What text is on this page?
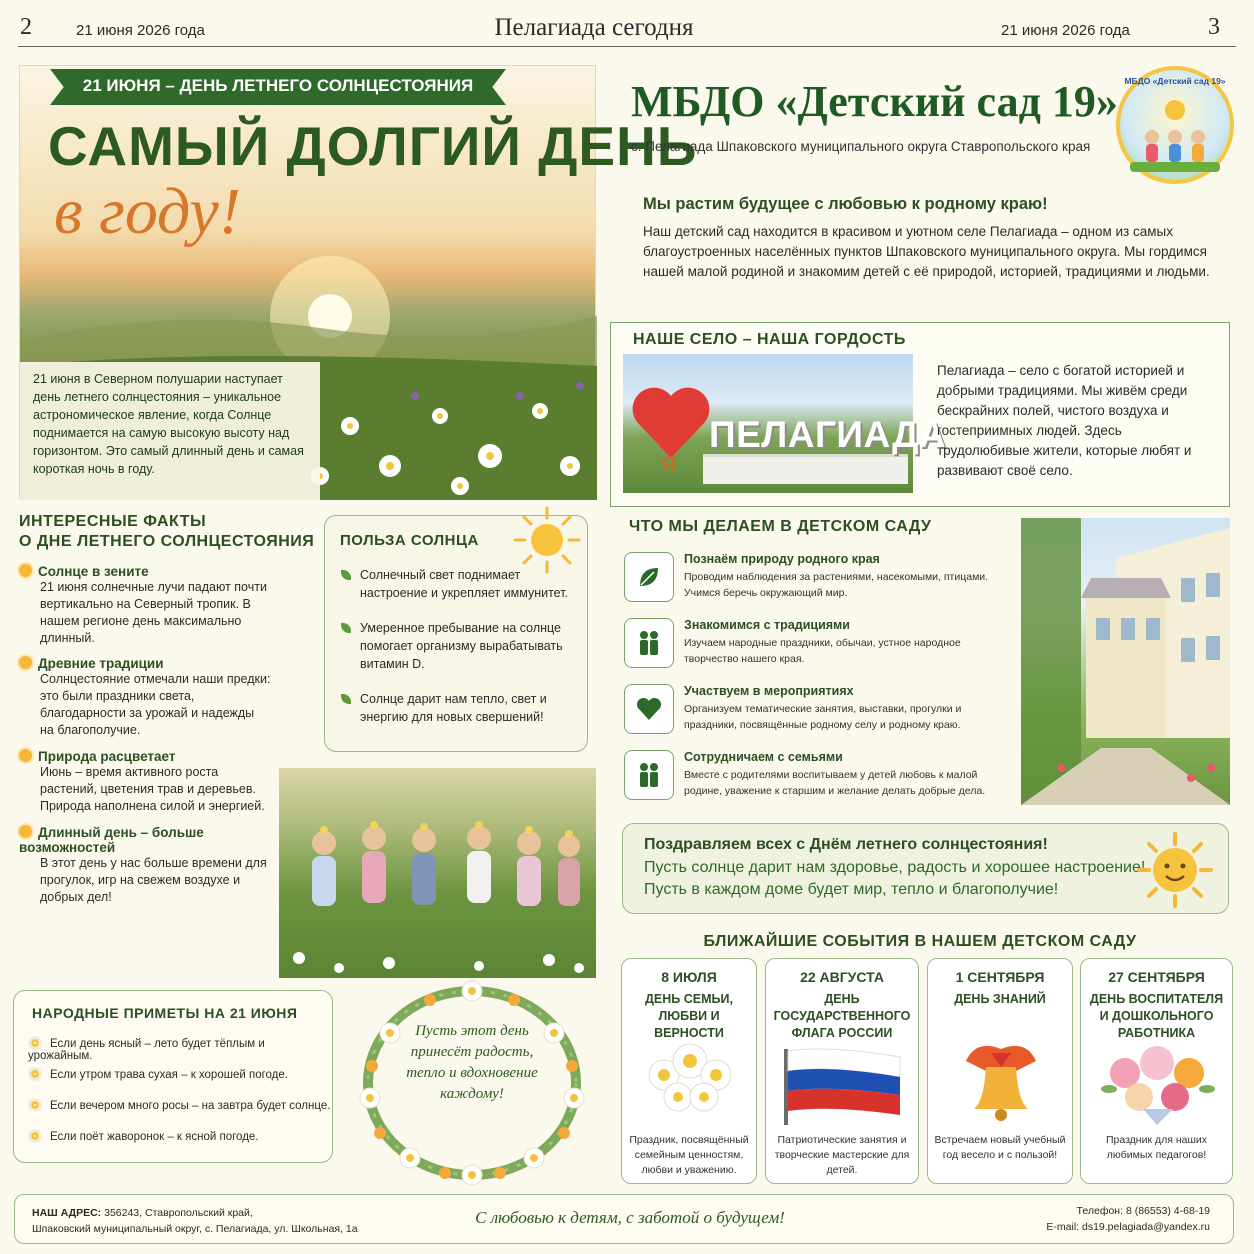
2	21 июня 2026 года	Пелагиада сегодня	21 июня 2026 года	3
21 ИЮНЯ – ДЕНЬ ЛЕТНЕГО СОЛНЦЕСТОЯНИЯ
САМЫЙ ДОЛГИЙ ДЕНЬ
в году!
21 июня в Северном полушарии наступает день летнего солнцестояния – уникальное астрономическое явление, когда Солнце поднимается на самую высокую высоту над горизонтом. Это самый длинный день и самая короткая ночь в году.
ИНТЕРЕСНЫЕ ФАКТЫ
О ДНЕ ЛЕТНЕГО СОЛНЦЕСТОЯНИЯ
Солнце в зените
21 июня солнечные лучи падают почти вертикально на Северный тропик. В нашем регионе день максимально длинный.
Древние традиции
Солнцестояние отмечали наши предки: это были праздники света, благодарности за урожай и надежды на благополучие.
Природа расцветает
Июнь – время активного роста растений, цветения трав и деревьев. Природа наполнена силой и энергией.
Длинный день – больше возможностей
В этот день у нас больше времени для прогулок, игр на свежем воздухе и добрых дел!
ПОЛЬЗА СОЛНЦА
Солнечный свет поднимает настроение и укрепляет иммунитет.
Умеренное пребывание на солнце помогает организму вырабатывать витамин D.
Солнце дарит нам тепло, свет и энергию для новых свершений!
НАРОДНЫЕ ПРИМЕТЫ НА 21 ИЮНЯ
Если день ясный – лето будет тёплым и урожайным.
Если утром трава сухая – к хорошей погоде.
Если вечером много росы – на завтра будет солнце.
Если поёт жаворонок – к ясной погоде.
Пусть этот день принесёт радость, тепло и вдохновение каждому!
МБДО «Детский сад 19»
с. Пелагиада Шпаковского муниципального округа Ставропольского края
МБДО «Детский сад 19»
Мы растим будущее с любовью к родному краю!
Наш детский сад находится в красивом и уютном селе Пелагиада – одном из самых благоустроенных населённых пунктов Шпаковского муниципального округа. Мы гордимся нашей малой родиной и знакомим детей с её природой, историей, традициями и людьми.
НАШЕ СЕЛО – НАША ГОРДОСТЬ
Я
ПЕЛАГИАДА
Пелагиада – село с богатой историей и добрыми традициями. Мы живём среди бескрайних полей, чистого воздуха и гостеприимных людей. Здесь трудолюбивые жители, которые любят и развивают своё село.
ЧТО МЫ ДЕЛАЕМ В ДЕТСКОМ САДУ
Познаём природу родного края
Проводим наблюдения за растениями, насекомыми, птицами. Учимся беречь окружающий мир.
Знакомимся с традициями
Изучаем народные праздники, обычаи, устное народное творчество нашего края.
Участвуем в мероприятиях
Организуем тематические занятия, выставки, прогулки и праздники, посвящённые родному селу и родному краю.
Сотрудничаем с семьями
Вместе с родителями воспитываем у детей любовь к малой родине, уважение к старшим и желание делать добрые дела.
Поздравляем всех с Днём летнего солнцестояния!
Пусть солнце дарит нам здоровье, радость и хорошее настроение!
Пусть в каждом доме будет мир, тепло и благополучие!
БЛИЖАЙШИЕ СОБЫТИЯ В НАШЕМ ДЕТСКОМ САДУ
8 ИЮЛЯ
ДЕНЬ СЕМЬИ, ЛЮБВИ И ВЕРНОСТИ
Праздник, посвящённый семейным ценностям, любви и уважению.
22 АВГУСТА
ДЕНЬ ГОСУДАРСТВЕННОГО ФЛАГА РОССИИ
Патриотические занятия и творческие мастерские для детей.
1 СЕНТЯБРЯ
ДЕНЬ ЗНАНИЙ
Встречаем новый учебный год весело и с пользой!
27 СЕНТЯБРЯ
ДЕНЬ ВОСПИТАТЕЛЯ И ДОШКОЛЬНОГО РАБОТНИКА
Праздник для наших любимых педагогов!
НАШ АДРЕС: 356243, Ставропольский край,
Шпаковский муниципальный округ, с. Пелагиада, ул. Школьная, 1а
С любовью к детям, с заботой о будущем!	Телефон: 8 (86553) 4-68-19
E-mail: ds19.pelagiada@yandex.ru
